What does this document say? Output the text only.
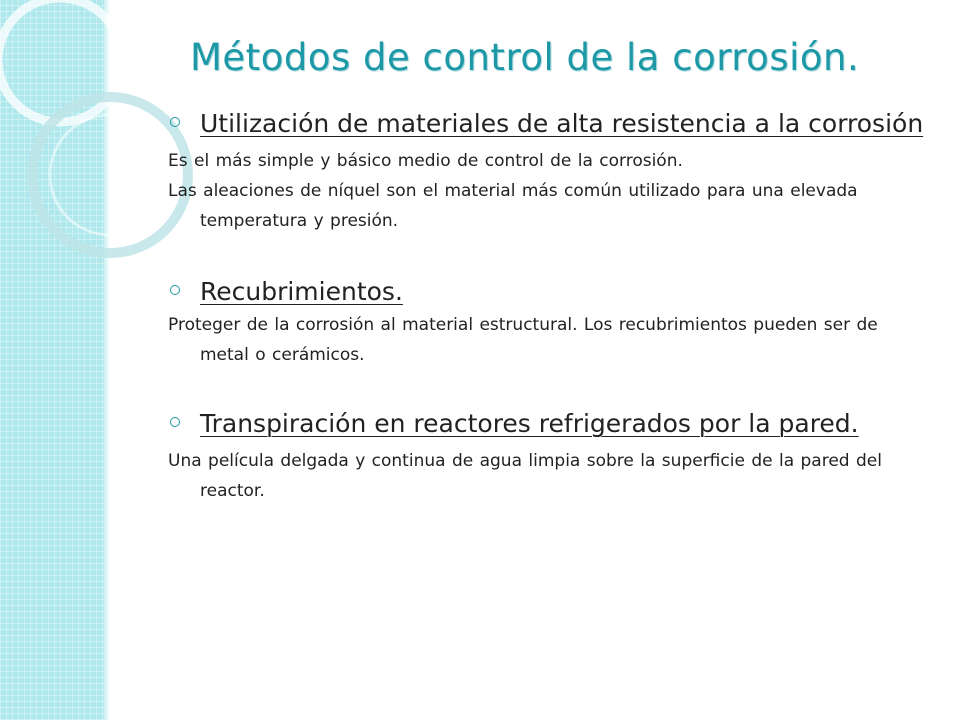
Métodos de control de la corrosión.
Utilización de materiales de alta resistencia a la corrosión
Es el más simple y básico medio de control de la corrosión.
Las aleaciones de níquel son el material más común utilizado para una elevada temperatura y presión.
Recubrimientos.
Proteger de la corrosión al material estructural. Los recubrimientos pueden ser de metal o cerámicos.
Transpiración en reactores refrigerados por la pared.
Una película delgada y continua de agua limpia sobre la superficie de la pared del reactor.
